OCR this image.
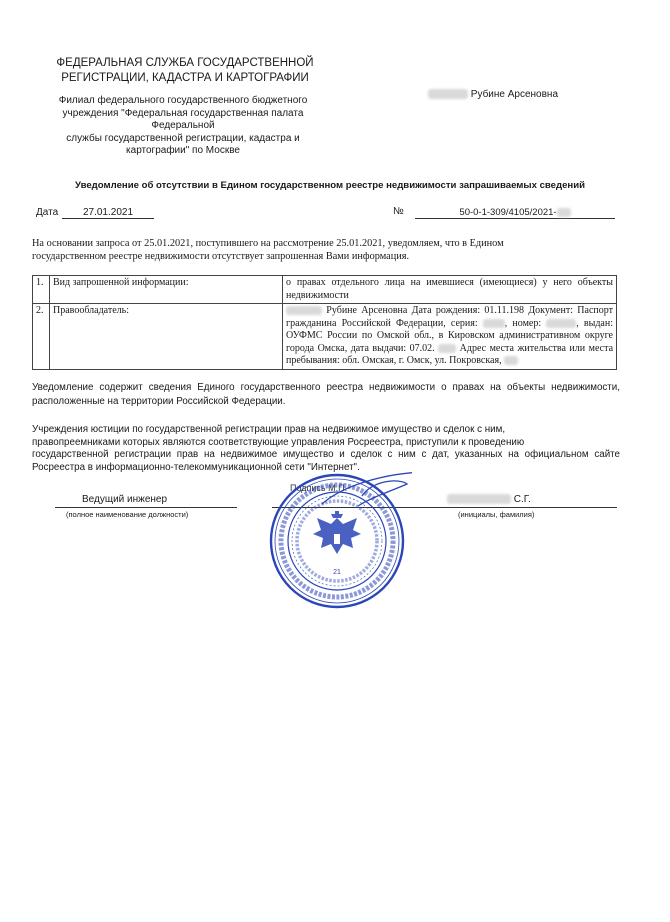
ФЕДЕРАЛЬНАЯ СЛУЖБА ГОСУДАРСТВЕННОЙ
РЕГИСТРАЦИИ, КАДАСТРА И КАРТОГРАФИИ
Филиал федерального государственного бюджетного
учреждения "Федеральная государственная палата Федеральной
службы государственной регистрации, кадастра и
картографии" по Москве
Рубине Арсеновна
Уведомление об отсутствии в Едином государственном реестре недвижимости запрашиваемых сведений
Дата	27.01.2021	№	50-0-1-309/4105/2021-
На основании запроса от 25.01.2021, поступившего на рассмотрение 25.01.2021, уведомляем, что в Едином
государственном реестре недвижимости отсутствует запрошенная Вами информация.
1.	Вид запрошенной информации:	о правах отдельного лица на имевшиеся (имеющиеся) у него объекты недвижимости
2.	Правообладатель:	Рубине Арсеновна Дата рождения: 01.11.198 Документ: Паспорт гражданина Российской Федерации, серия: , номер: , выдан: ОУФМС России по Омской обл., в Кировском административном округе города Омска, дата выдачи: 07.02. Адрес места жительства или места пребывания: обл. Омская, г. Омск, ул. Покровская,
Уведомление содержит сведения Единого государственного реестра недвижимости о правах на объекты недвижимости, расположенные на территории Российской Федерации.
Учреждения юстиции по государственной регистрации прав на недвижимое имущество и сделок с ним,
правопреемниками которых являются соответствующие управления Росреестра, приступили к проведению
государственной регистрации прав на недвижимое имущество и сделок с ним с дат, указанных на официальном сайте Росреестра в информационно-телекоммуникационной сети "Интернет".
Ведущий инженер
(полное наименование должности)
Подпись М.П.
С.Г.
(инициалы, фамилия)
21
